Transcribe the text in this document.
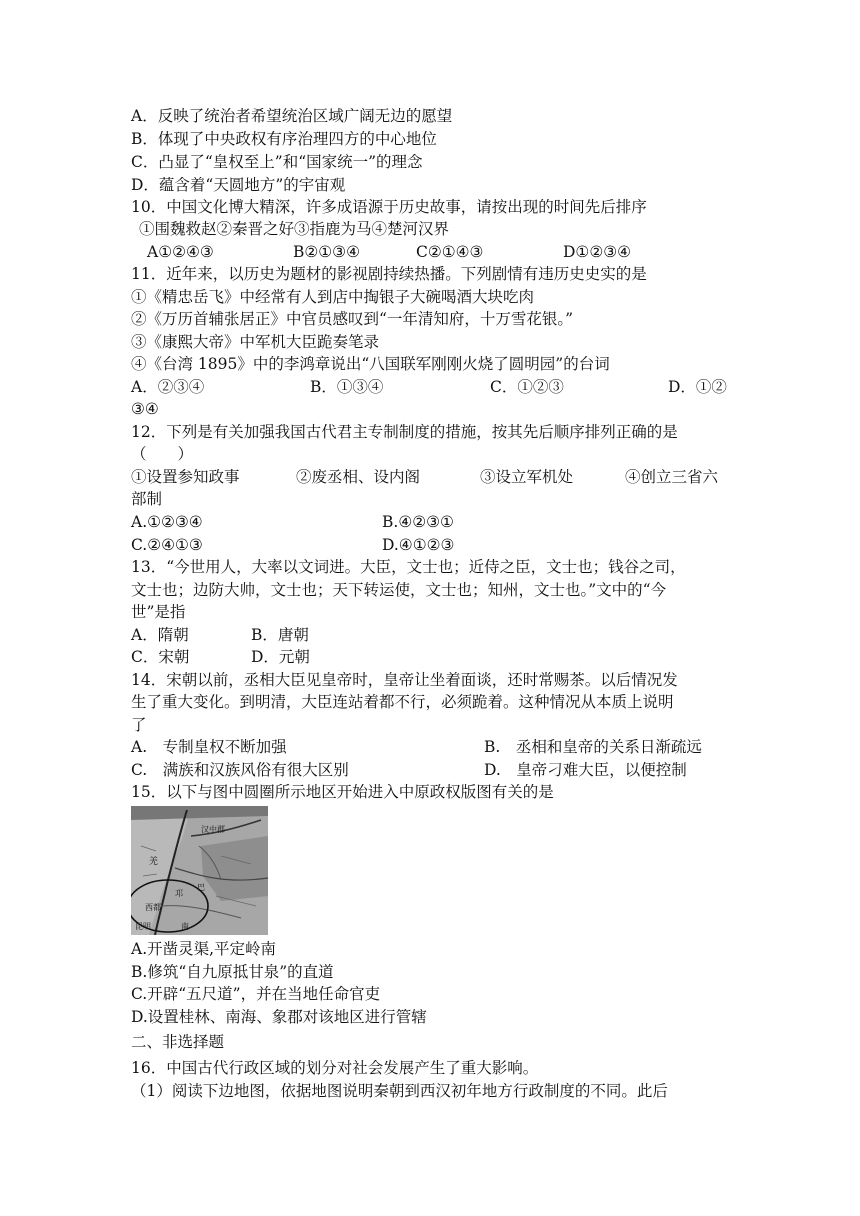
A．反映了统治者希望统治区域广阔无边的愿望
B．体现了中央政权有序治理四方的中心地位
C．凸显了“皇权至上”和“国家统一”的理念
D．蕴含着“天圆地方”的宇宙观
10．中国文化博大精深，许多成语源于历史故事，请按出现的时间先后排序
①围魏救赵②秦晋之好③指鹿为马④楚河汉界
A①②④③	B②①③④	C②①④③	D①②③④
11．近年来，以历史为题材的影视剧持续热播。下列剧情有违历史史实的是
①《精忠岳飞》中经常有人到店中掏银子大碗喝酒大块吃肉
②《万历首辅张居正》中官员感叹到“一年清知府，十万雪花银。”
③《康熙大帝》中军机大臣跪奏笔录
④《台湾 1895》中的李鸿章说出“八国联军刚刚火烧了圆明园”的台词
A．②③④	B．①③④	C．①②③	D．①②
③④
12．下列是有关加强我国古代君主专制制度的措施，按其先后顺序排列正确的是
（　　）
①设置参知政事	②废丞相、设内阁	③设立军机处	④创立三省六
部制
A.①②③④	B.④②③①
C.②④①③	D.④①②③
13．“今世用人，大率以文词进。大臣，文士也；近侍之臣，文士也；钱谷之司，
文士也；边防大帅，文士也；天下转运使，文士也；知州，文士也。”文中的“今
世”是指
A．隋朝	B．唐朝
C．宋朝	D．元朝
14．宋朝以前，丞相大臣见皇帝时，皇帝让坐着面谈，还时常赐茶。以后情况发
生了重大变化。到明清，大臣连站着都不行，必须跪着。这种情况从本质上说明
了
A.　专制皇权不断加强	B.　丞相和皇帝的关系日渐疏远
C.　满族和汉族风俗有很大区别	D.　皇帝刁难大臣，以便控制
15．以下与图中圆圈所示地区开始进入中原政权版图有关的是
汉中郡
羌
巴
邛
西都
昆明	南
A.开凿灵渠,平定岭南
B.修筑“自九原抵甘泉”的直道
C.开辟“五尺道”，并在当地任命官吏
D.设置桂林、南海、象郡对该地区进行管辖
二、非选择题
16．中国古代行政区域的划分对社会发展产生了重大影响。
（1）阅读下边地图，依据地图说明秦朝到西汉初年地方行政制度的不同。此后
